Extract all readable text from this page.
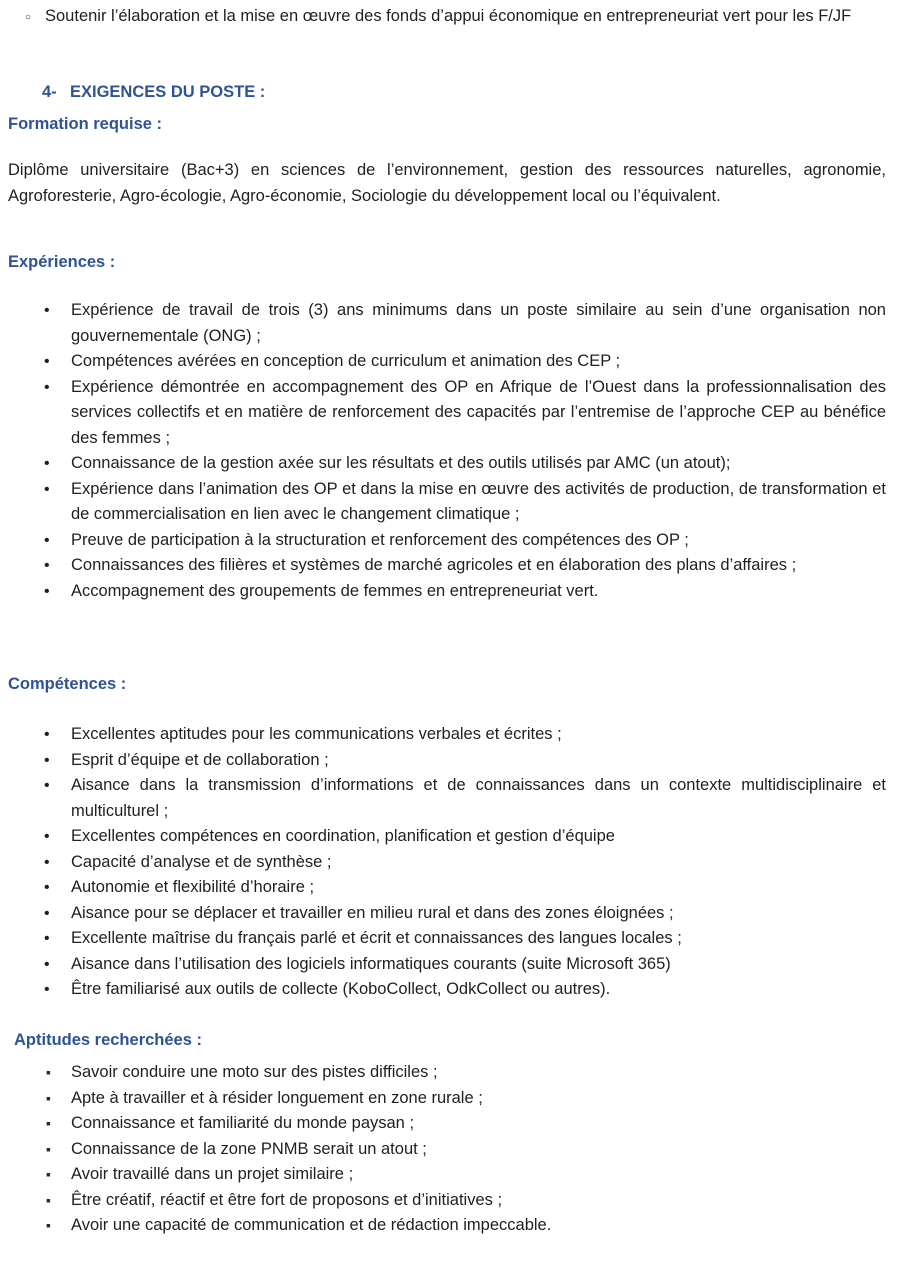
○ Soutenir l’élaboration et la mise en œuvre des fonds d’appui économique en entrepreneuriat vert pour les F/JF
4- EXIGENCES DU POSTE :
Formation requise :
Diplôme universitaire (Bac+3) en sciences de l’environnement, gestion des ressources naturelles, agronomie, Agroforesterie, Agro-écologie, Agro-économie, Sociologie du développement local ou l’équivalent.
Expériences :
• Expérience de travail de trois (3) ans minimums dans un poste similaire au sein d’une organisation non gouvernementale (ONG) ;
• Compétences avérées en conception de curriculum et animation des CEP ;
• Expérience démontrée en accompagnement des OP en Afrique de l’Ouest dans la professionnalisation des services collectifs et en matière de renforcement des capacités par l’entremise de l’approche CEP au bénéfice des femmes ;
• Connaissance de la gestion axée sur les résultats et des outils utilisés par AMC (un atout);
• Expérience dans l’animation des OP et dans la mise en œuvre des activités de production, de transformation et de commercialisation en lien avec le changement climatique ;
• Preuve de participation à la structuration et renforcement des compétences des OP ;
• Connaissances des filières et systèmes de marché agricoles et en élaboration des plans d’affaires ;
• Accompagnement des groupements de femmes en entrepreneuriat vert.
Compétences :
• Excellentes aptitudes pour les communications verbales et écrites ;
• Esprit d’équipe et de collaboration ;
• Aisance dans la transmission d’informations et de connaissances dans un contexte multidisciplinaire et multiculturel ;
• Excellentes compétences en coordination, planification et gestion d’équipe
• Capacité d’analyse et de synthèse ;
• Autonomie et flexibilité d’horaire ;
• Aisance pour se déplacer et travailler en milieu rural et dans des zones éloignées ;
• Excellente maîtrise du français parlé et écrit et connaissances des langues locales ;
• Aisance dans l’utilisation des logiciels informatiques courants (suite Microsoft 365)
• Être familiarisé aux outils de collecte (KoboCollect, OdkCollect ou autres).
Aptitudes recherchées :
▪ Savoir conduire une moto sur des pistes difficiles ;
▪ Apte à travailler et à résider longuement en zone rurale ;
▪ Connaissance et familiarité du monde paysan ;
▪ Connaissance de la zone PNMB serait un atout ;
▪ Avoir travaillé dans un projet similaire ;
▪ Être créatif, réactif et être fort de proposons et d’initiatives ;
▪ Avoir une capacité de communication et de rédaction impeccable.
